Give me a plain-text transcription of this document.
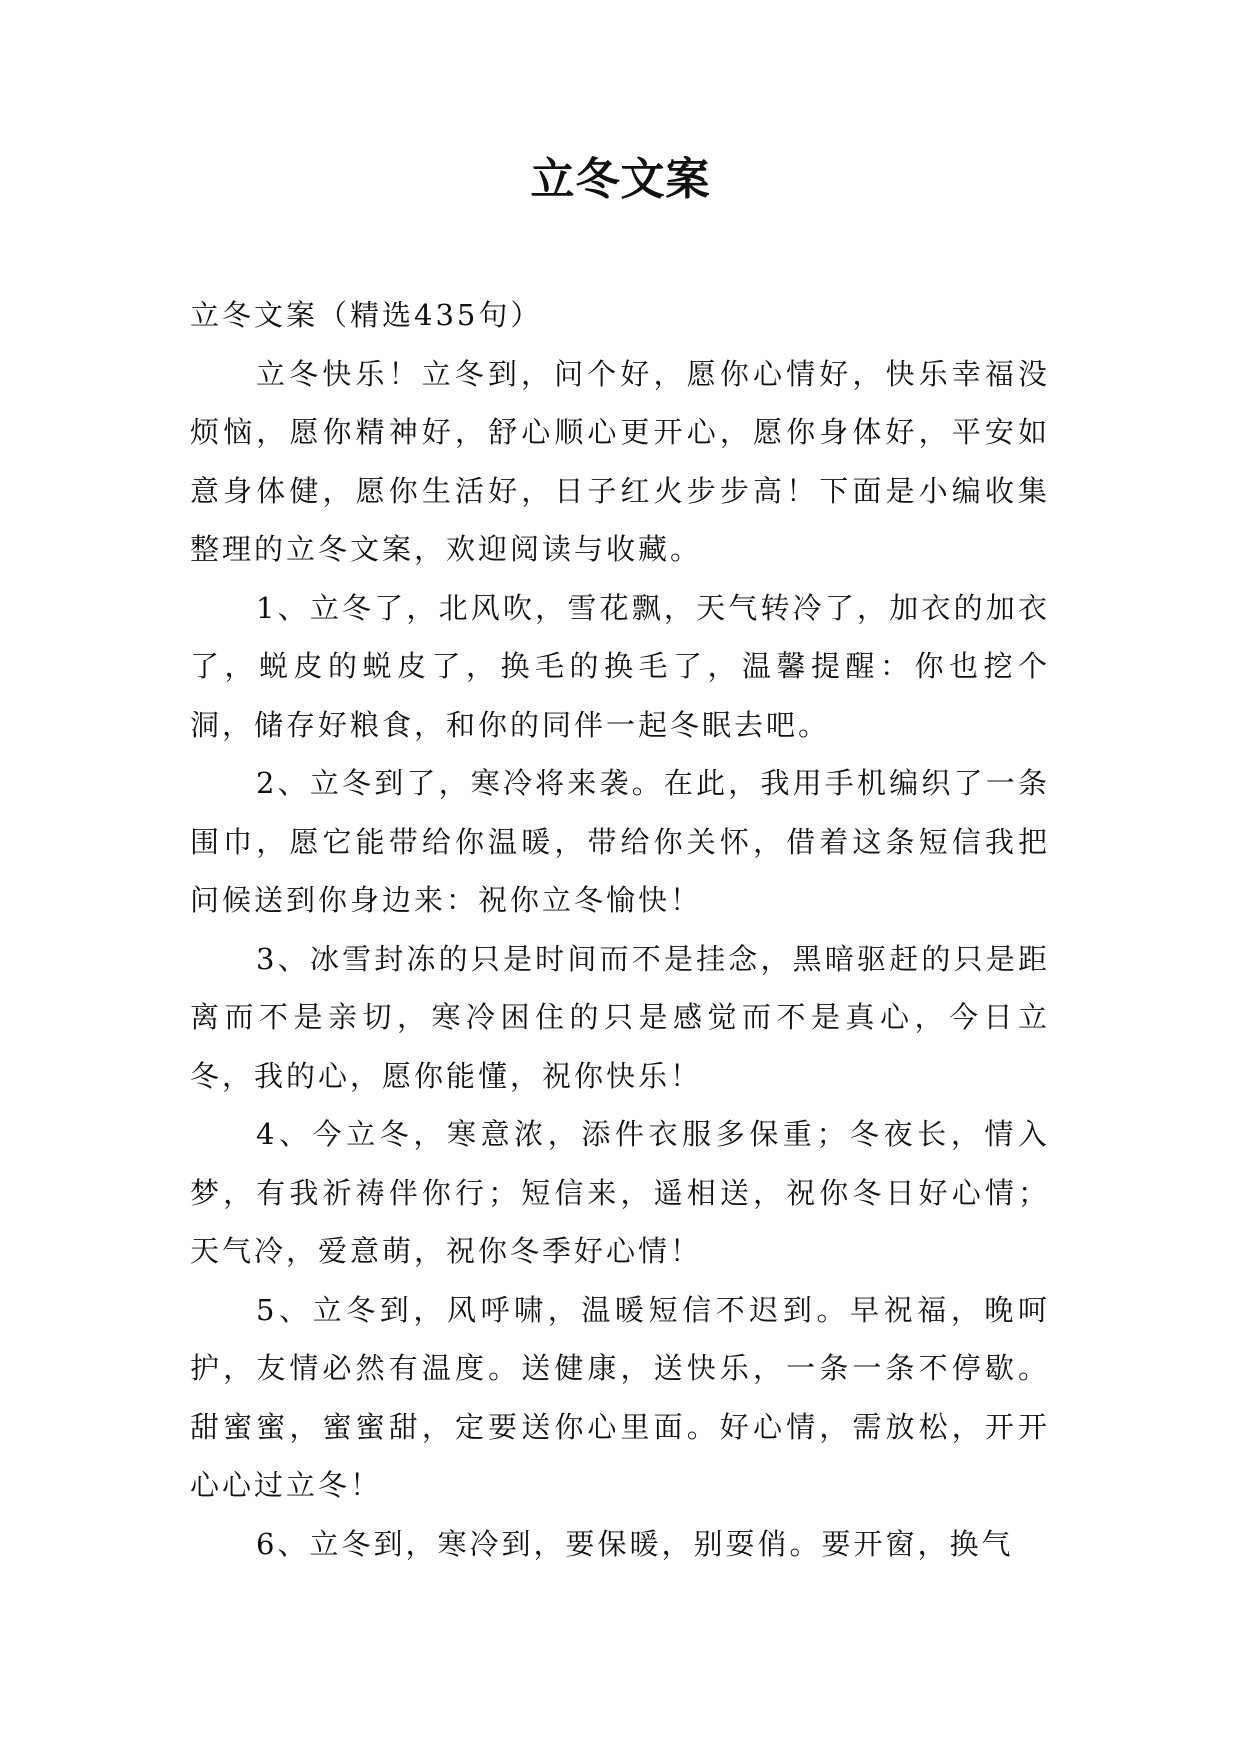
立冬文案

立冬文案（精选435句）

立冬快乐！立冬到，问个好，愿你心情好，快乐幸福没烦恼，愿你精神好，舒心顺心更开心，愿你身体好，平安如意身体健，愿你生活好，日子红火步步高！下面是小编收集整理的立冬文案，欢迎阅读与收藏。

1、立冬了，北风吹，雪花飘，天气转冷了，加衣的加衣了，蜕皮的蜕皮了，换毛的换毛了，温馨提醒：你也挖个洞，储存好粮食，和你的同伴一起冬眠去吧。

2、立冬到了，寒冷将来袭。在此，我用手机编织了一条围巾，愿它能带给你温暖，带给你关怀，借着这条短信我把问候送到你身边来：祝你立冬愉快！

3、冰雪封冻的只是时间而不是挂念，黑暗驱赶的只是距离而不是亲切，寒冷困住的只是感觉而不是真心，今日立冬，我的心，愿你能懂，祝你快乐！

4、今立冬，寒意浓，添件衣服多保重；冬夜长，情入梦，有我祈祷伴你行；短信来，遥相送，祝你冬日好心情；天气冷，爱意萌，祝你冬季好心情！

5、立冬到，风呼啸，温暖短信不迟到。早祝福，晚呵护，友情必然有温度。送健康，送快乐，一条一条不停歇。甜蜜蜜，蜜蜜甜，定要送你心里面。好心情，需放松，开开心心过立冬！

6、立冬到，寒冷到，要保暖，别耍俏。要开窗，换气
